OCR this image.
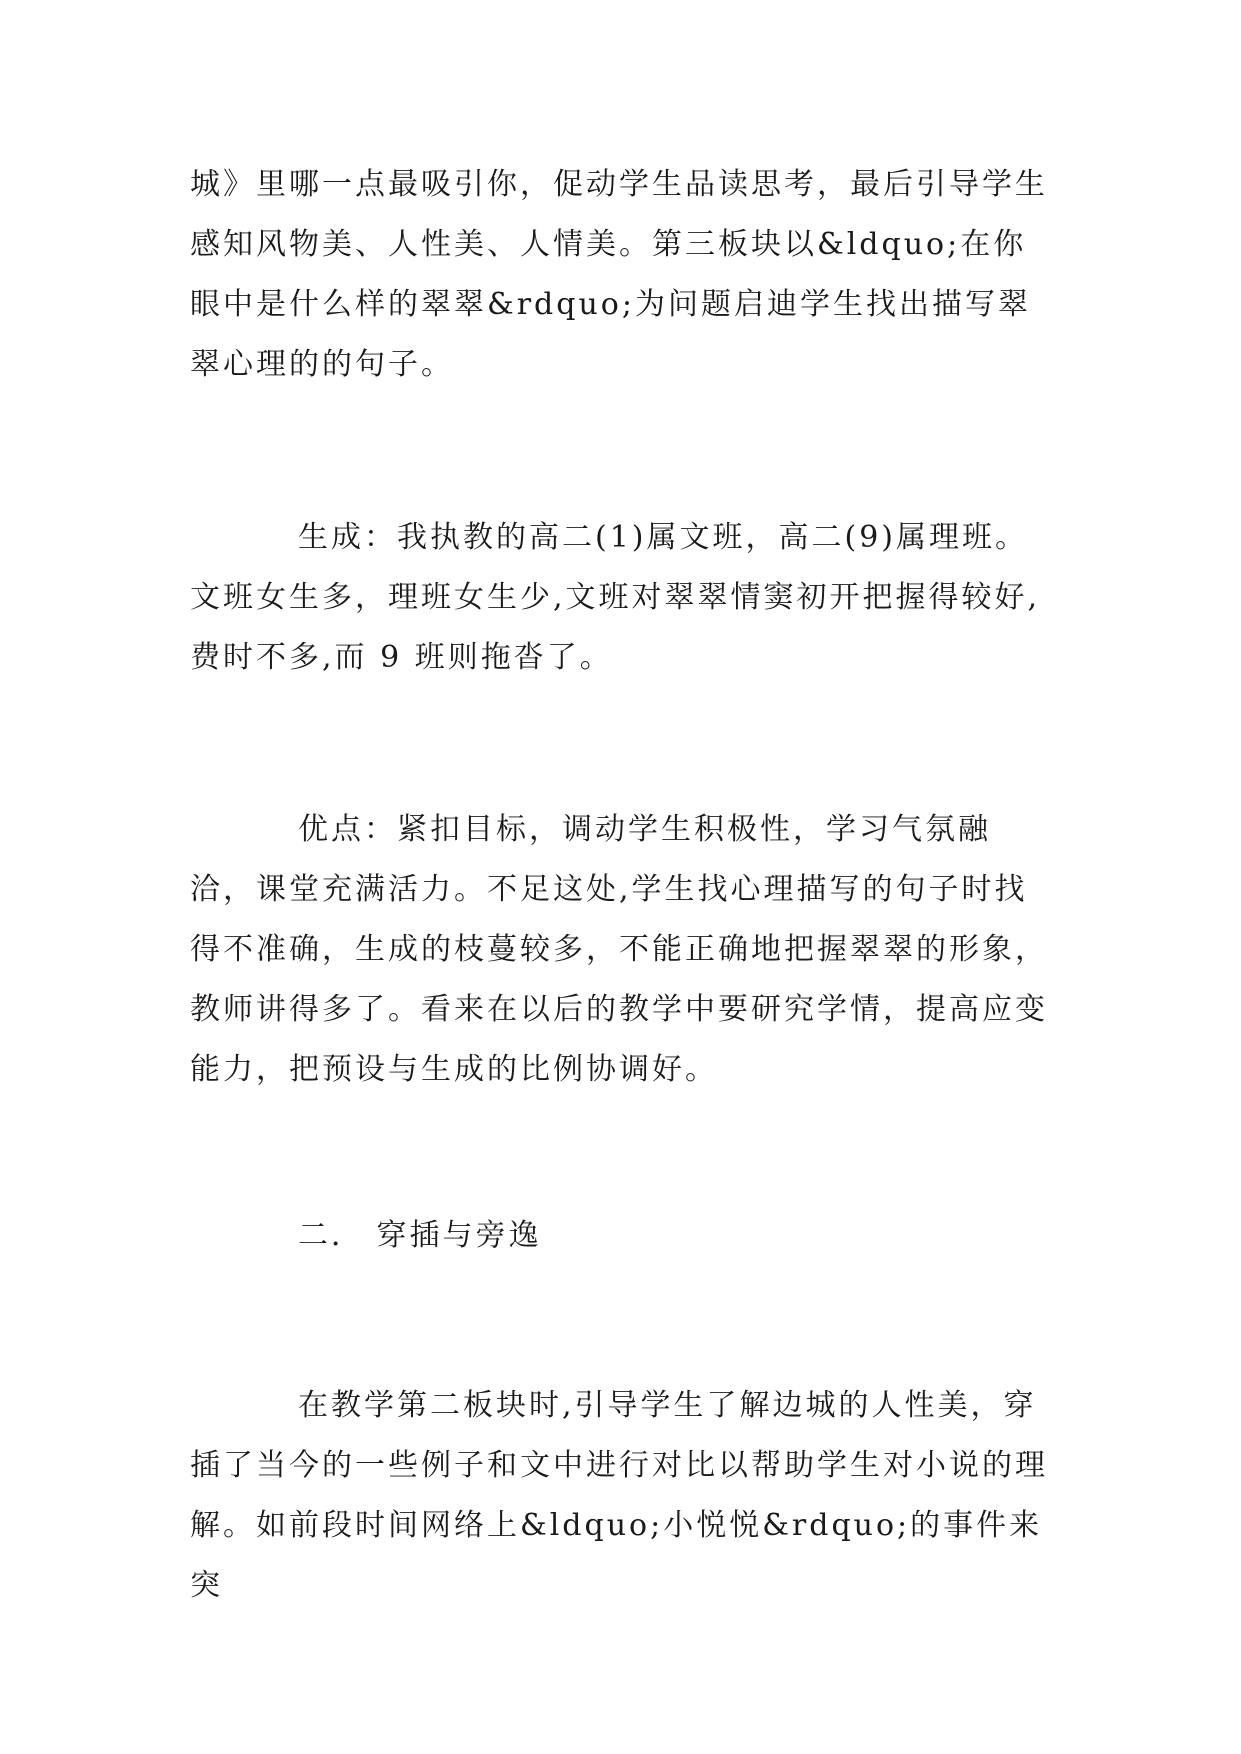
城》里哪一点最吸引你，促动学生品读思考，最后引导学生感知风物美、人性美、人情美。第三板块以&ldquo;在你眼中是什么样的翠翠&rdquo;为问题启迪学生找出描写翠翠心理的的句子。

生成：我执教的高二(1)属文班，高二(9)属理班。文班女生多，理班女生少,文班对翠翠情窦初开把握得较好,费时不多,而 9 班则拖沓了。

优点：紧扣目标，调动学生积极性，学习气氛融洽，课堂充满活力。不足这处,学生找心理描写的句子时找得不准确，生成的枝蔓较多，不能正确地把握翠翠的形象，教师讲得多了。看来在以后的教学中要研究学情，提高应变能力，把预设与生成的比例协调好。

二． 穿插与旁逸

在教学第二板块时,引导学生了解边城的人性美，穿插了当今的一些例子和文中进行对比以帮助学生对小说的理解。如前段时间网络上&ldquo;小悦悦&rdquo;的事件来突
